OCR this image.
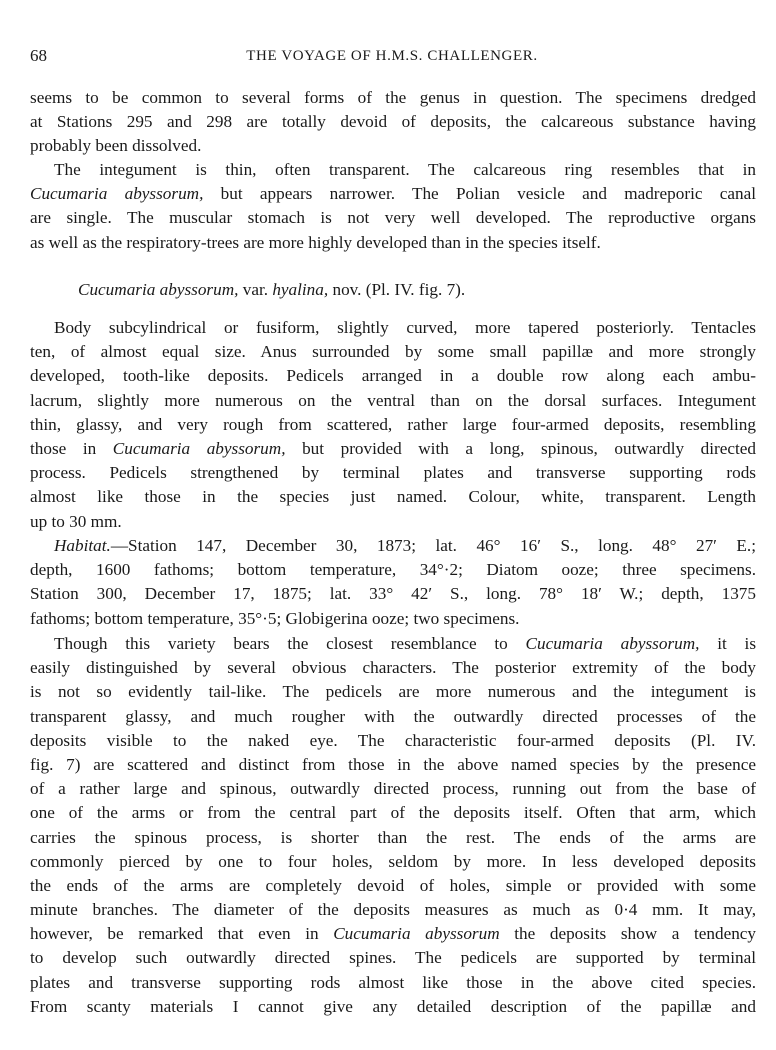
68	THE VOYAGE OF H.M.S. CHALLENGER.
seems to be common to several forms of the genus in question. The specimens dredged
at Stations 295 and 298 are totally devoid of deposits, the calcareous substance having
probably been dissolved.
The integument is thin, often transparent. The calcareous ring resembles that in
Cucumaria abyssorum, but appears narrower. The Polian vesicle and madreporic canal
are single. The muscular stomach is not very well developed. The reproductive organs
as well as the respiratory-trees are more highly developed than in the species itself.
Cucumaria abyssorum, var. hyalina, nov. (Pl. IV. fig. 7).
Body subcylindrical or fusiform, slightly curved, more tapered posteriorly. Tentacles
ten, of almost equal size. Anus surrounded by some small papillæ and more strongly
developed, tooth-like deposits. Pedicels arranged in a double row along each ambu-
lacrum, slightly more numerous on the ventral than on the dorsal surfaces. Integument
thin, glassy, and very rough from scattered, rather large four-armed deposits, resembling
those in Cucumaria abyssorum, but provided with a long, spinous, outwardly directed
process. Pedicels strengthened by terminal plates and transverse supporting rods
almost like those in the species just named. Colour, white, transparent. Length
up to 30 mm.
Habitat.—Station 147, December 30, 1873; lat. 46° 16′ S., long. 48° 27′ E.;
depth, 1600 fathoms; bottom temperature, 34°·2; Diatom ooze; three specimens.
Station 300, December 17, 1875; lat. 33° 42′ S., long. 78° 18′ W.; depth, 1375
fathoms; bottom temperature, 35°·5; Globigerina ooze; two specimens.
Though this variety bears the closest resemblance to Cucumaria abyssorum, it is
easily distinguished by several obvious characters. The posterior extremity of the body
is not so evidently tail-like. The pedicels are more numerous and the integument is
transparent glassy, and much rougher with the outwardly directed processes of the
deposits visible to the naked eye. The characteristic four-armed deposits (Pl. IV.
fig. 7) are scattered and distinct from those in the above named species by the presence
of a rather large and spinous, outwardly directed process, running out from the base of
one of the arms or from the central part of the deposits itself. Often that arm, which
carries the spinous process, is shorter than the rest. The ends of the arms are
commonly pierced by one to four holes, seldom by more. In less developed deposits
the ends of the arms are completely devoid of holes, simple or provided with some
minute branches. The diameter of the deposits measures as much as 0·4 mm. It may,
however, be remarked that even in Cucumaria abyssorum the deposits show a tendency
to develop such outwardly directed spines. The pedicels are supported by terminal
plates and transverse supporting rods almost like those in the above cited species.
From scanty materials I cannot give any detailed description of the papillæ and
